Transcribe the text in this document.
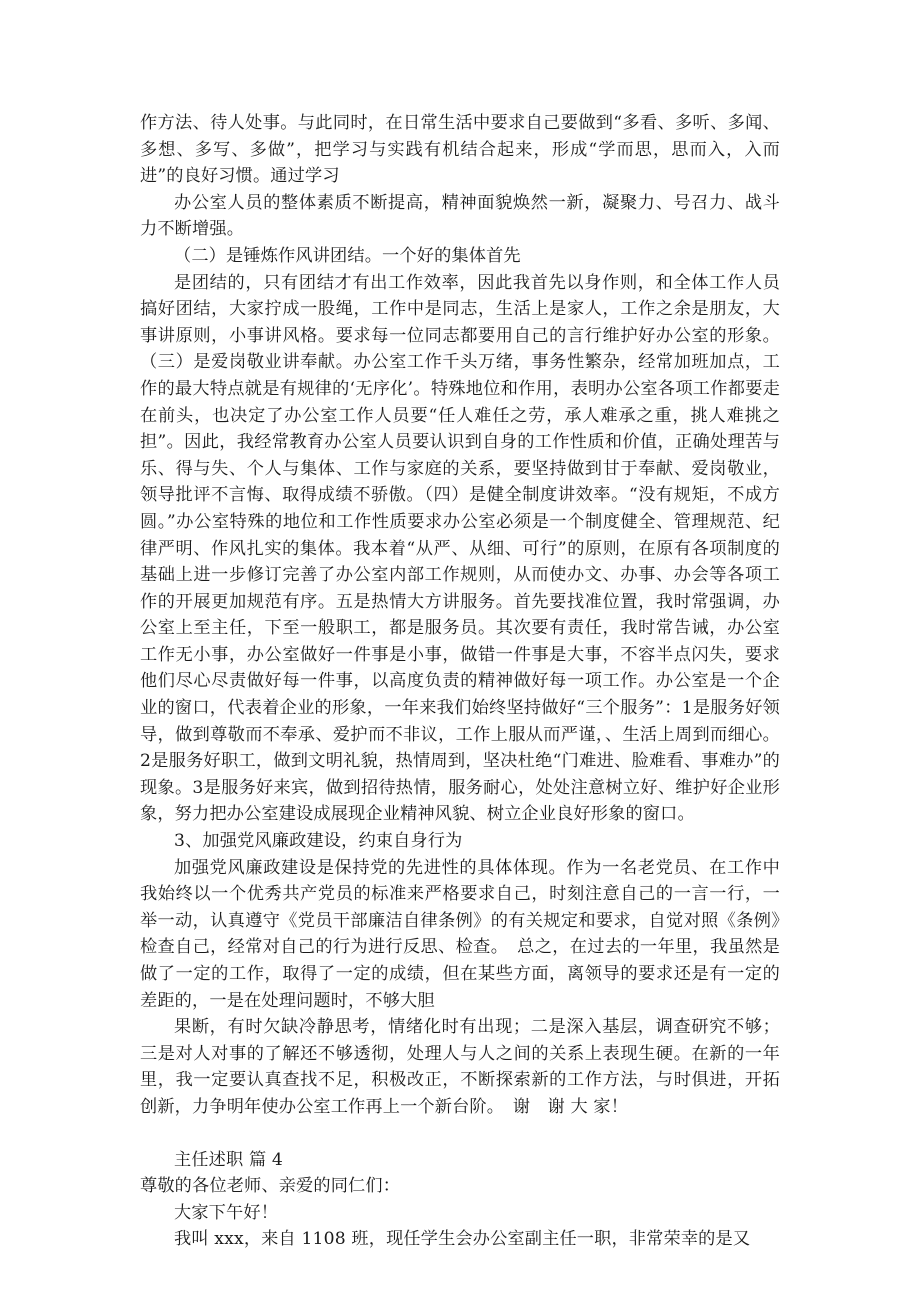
作方法、待人处事。与此同时，在日常生活中要求自己要做到“多看、多听、多闻、多想、多写、多做”，把学习与实践有机结合起来，形成“学而思，思而入，入而进”的良好习惯。通过学习

办公室人员的整体素质不断提高，精神面貌焕然一新，凝聚力、号召力、战斗力不断增强。

（二）是锤炼作风讲团结。一个好的集体首先

是团结的，只有团结才有出工作效率，因此我首先以身作则，和全体工作人员搞好团结，大家拧成一股绳，工作中是同志，生活上是家人，工作之余是朋友，大事讲原则，小事讲风格。要求每一位同志都要用自己的言行维护好办公室的形象。（三）是爱岗敬业讲奉献。办公室工作千头万绪，事务性繁杂，经常加班加点，工作的最大特点就是有规律的‘无序化’。特殊地位和作用，表明办公室各项工作都要走在前头，也决定了办公室工作人员要“任人难任之劳，承人难承之重，挑人难挑之担”。因此，我经常教育办公室人员要认识到自身的工作性质和价值，正确处理苦与乐、得与失、个人与集体、工作与家庭的关系，要坚持做到甘于奉献、爱岗敬业，领导批评不言悔、取得成绩不骄傲。（四）是健全制度讲效率。“没有规矩，不成方圆。”办公室特殊的地位和工作性质要求办公室必须是一个制度健全、管理规范、纪律严明、作风扎实的集体。我本着“从严、从细、可行”的原则，在原有各项制度的基础上进一步修订完善了办公室内部工作规则，从而使办文、办事、办会等各项工作的开展更加规范有序。五是热情大方讲服务。首先要找准位置，我时常强调，办公室上至主任，下至一般职工，都是服务员。其次要有责任，我时常告诫，办公室工作无小事，办公室做好一件事是小事，做错一件事是大事，不容半点闪失，要求他们尽心尽责做好每一件事，以高度负责的精神做好每一项工作。办公室是一个企业的窗口，代表着企业的形象，一年来我们始终坚持做好“三个服务”：1是服务好领导，做到尊敬而不奉承、爱护而不非议，工作上服从而严谨，、生活上周到而细心。2是服务好职工，做到文明礼貌，热情周到，坚决杜绝“门难进、脸难看、事难办”的现象。3是服务好来宾，做到招待热情，服务耐心，处处注意树立好、维护好企业形象，努力把办公室建设成展现企业精神风貌、树立企业良好形象的窗口。

3、加强党风廉政建设，约束自身行为

加强党风廉政建设是保持党的先进性的具体体现。作为一名老党员、在工作中我始终以一个优秀共产党员的标准来严格要求自己，时刻注意自己的一言一行，一举一动，认真遵守《党员干部廉洁自律条例》的有关规定和要求，自觉对照《条例》检查自己，经常对自己的行为进行反思、检查。　总之，在过去的一年里，我虽然是做了一定的工作，取得了一定的成绩，但在某些方面，离领导的要求还是有一定的差距的，一是在处理问题时，不够大胆

果断，有时欠缺冷静思考，情绪化时有出现；二是深入基层，调查研究不够；三是对人对事的了解还不够透彻，处理人与人之间的关系上表现生硬。在新的一年里，我一定要认真查找不足，积极改正，不断探索新的工作方法，与时俱进，开拓创新，力争明年使办公室工作再上一个新台阶。　谢　谢 大 家！

主任述职 篇 4

尊敬的各位老师、亲爱的同仁们：

大家下午好！

我叫 xxx，来自 1108 班，现任学生会办公室副主任一职，非常荣幸的是又
